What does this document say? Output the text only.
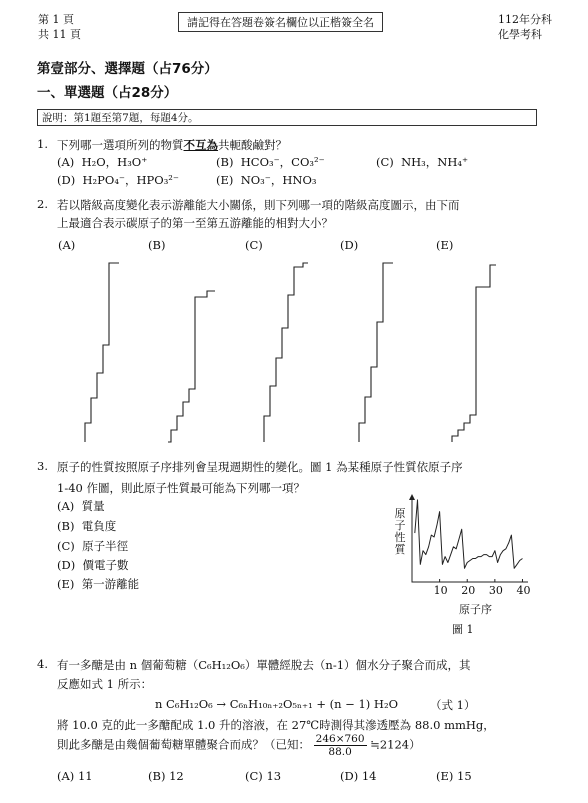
第 1 頁
共 11 頁
請記得在答題卷簽名欄位以正楷簽全名	112年分科
化學考科
第壹部分、選擇題（占76分）
一、單選題（占28分）
說明：第1題至第7題，每題4分。
1. 下列哪一選項所列的物質不互為共軛酸鹼對？
(A) H₂O，H₃O⁺	(B) HCO₃⁻，CO₃²⁻	(C) NH₃，NH₄⁺
(D) H₂PO₄⁻，HPO₃²⁻	(E) NO₃⁻，HNO₃
2. 若以階級高度變化表示游離能大小關係，則下列哪一項的階級高度圖示，由下而
上最適合表示碳原子的第一至第五游離能的相對大小？
(A)	(B)	(C)	(D)	(E)
3. 原子的性質按照原子序排列會呈現週期性的變化。圖 1 為某種原子性質依原子序
1-40 作圖，則此原子性質最可能為下列哪一項？
(A) 質量
(B) 電負度
(C) 原子半徑
(D) 價電子數
(E) 第一游離能
原
子
性
質
原子序
圖 1
4. 有一多醣是由 n 個葡萄糖（C₆H₁₂O₆）單體經脫去（n-1）個水分子聚合而成，其
反應如式 1 所示：
n C₆H₁₂O₆ → C₆ₙH₁₀ₙ₊₂O₅ₙ₊₁ + (n − 1) H₂O	（式 1）
將 10.0 克的此一多醣配成 1.0 升的溶液，在 27℃時測得其滲透壓為 88.0 mmHg，
則此多醣是由幾個葡萄糖單體聚合而成？（已知： $\frac{246\times 760}{88.0}$ ≒2124）
(A) 11	(B) 12	(C) 13	(D) 14	(E) 15
10 20 30 40
